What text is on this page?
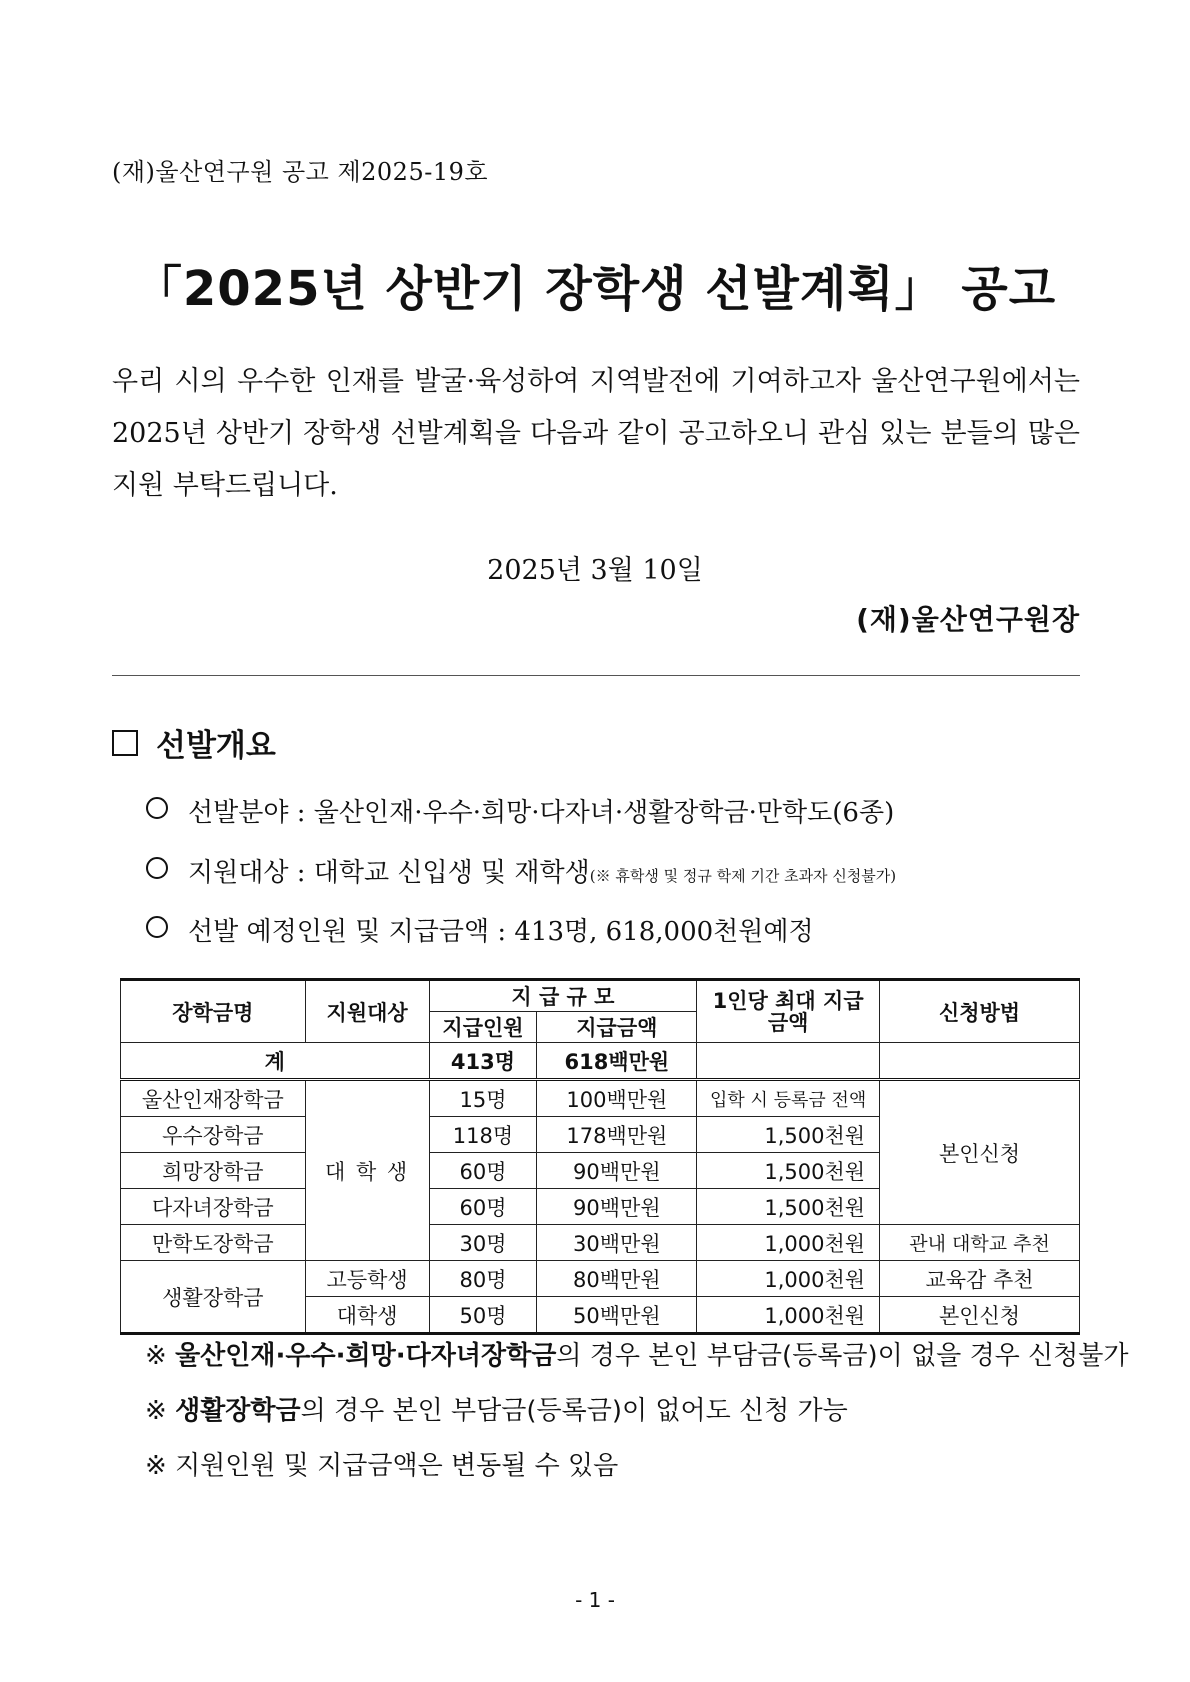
(재)울산연구원 공고 제2025-19호
「2025년 상반기 장학생 선발계획」 공고
우리 시의 우수한 인재를 발굴·육성하여 지역발전에 기여하고자 울산연구원에서는 2025년 상반기 장학생 선발계획을 다음과 같이 공고하오니 관심 있는 분들의 많은 지원 부탁드립니다.
2025년 3월 10일
(재)울산연구원장
선발개요
선발분야 : 울산인재·우수·희망·다자녀·생활장학금·만학도(6종)
지원대상 : 대학교 신입생 및 재학생(※ 휴학생 및 정규 학제 기간 초과자 신청불가)
선발 예정인원 및 지급금액 : 413명, 618,000천원예정
장학금명	지원대상	지 급 규 모		1인당 최대 지급금액	신청방법
		지급인원	지급금액		
계		413명	618백만원		
울산인재장학금	대 학 생	15명	100백만원	입학 시 등록금 전액	본인신청
우수장학금		118명	178백만원	1,500천원	
희망장학금		60명	90백만원	1,500천원	
다자녀장학금		60명	90백만원	1,500천원	
만학도장학금		30명	30백만원	1,000천원	관내 대학교 추천
생활장학금	고등학생	80명	80백만원	1,000천원	교육감 추천
	대학생	50명	50백만원	1,000천원	본인신청
※ 울산인재·우수·희망·다자녀장학금의 경우 본인 부담금(등록금)이 없을 경우 신청불가
※ 생활장학금의 경우 본인 부담금(등록금)이 없어도 신청 가능
※ 지원인원 및 지급금액은 변동될 수 있음
- 1 -
